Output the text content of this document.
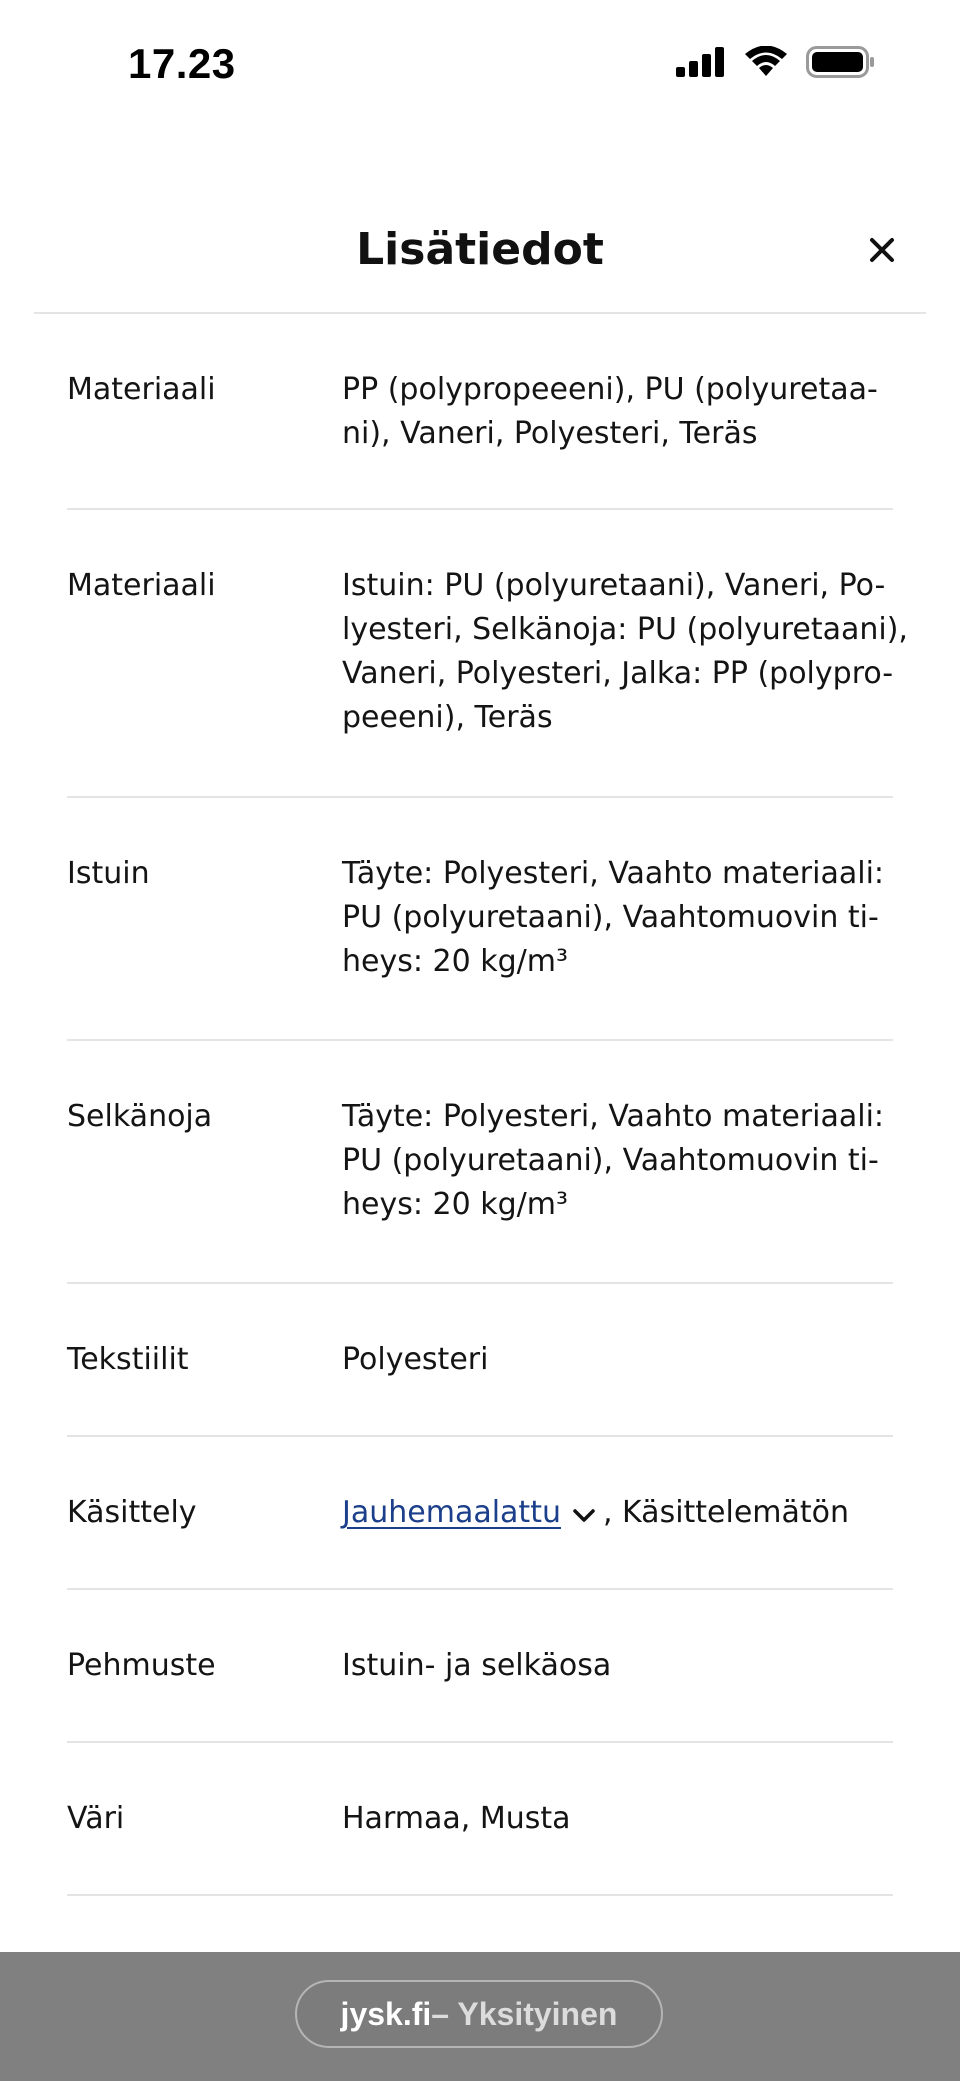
17.23
Lisätiedot
Materiaali	PP (polypropeeeni), PU (polyuretaa-
ni), Vaneri, Polyesteri, Teräs
Materiaali	Istuin: PU (polyuretaani), Vaneri, Po-
lyesteri, Selkänoja: PU (polyuretaani),
Vaneri, Polyesteri, Jalka: PP (polypro-
peeeni), Teräs
Istuin	Täyte: Polyesteri, Vaahto materiaali:
PU (polyuretaani), Vaahtomuovin ti-
heys: 20 kg/m³
Selkänoja	Täyte: Polyesteri, Vaahto materiaali:
PU (polyuretaani), Vaahtomuovin ti-
heys: 20 kg/m³
Tekstiilit	Polyesteri
Käsittely	Jauhemaalattu , Käsittelemätön
Pehmuste	Istuin- ja selkäosa
Väri	Harmaa, Musta
jysk.fi – Yksityinen
